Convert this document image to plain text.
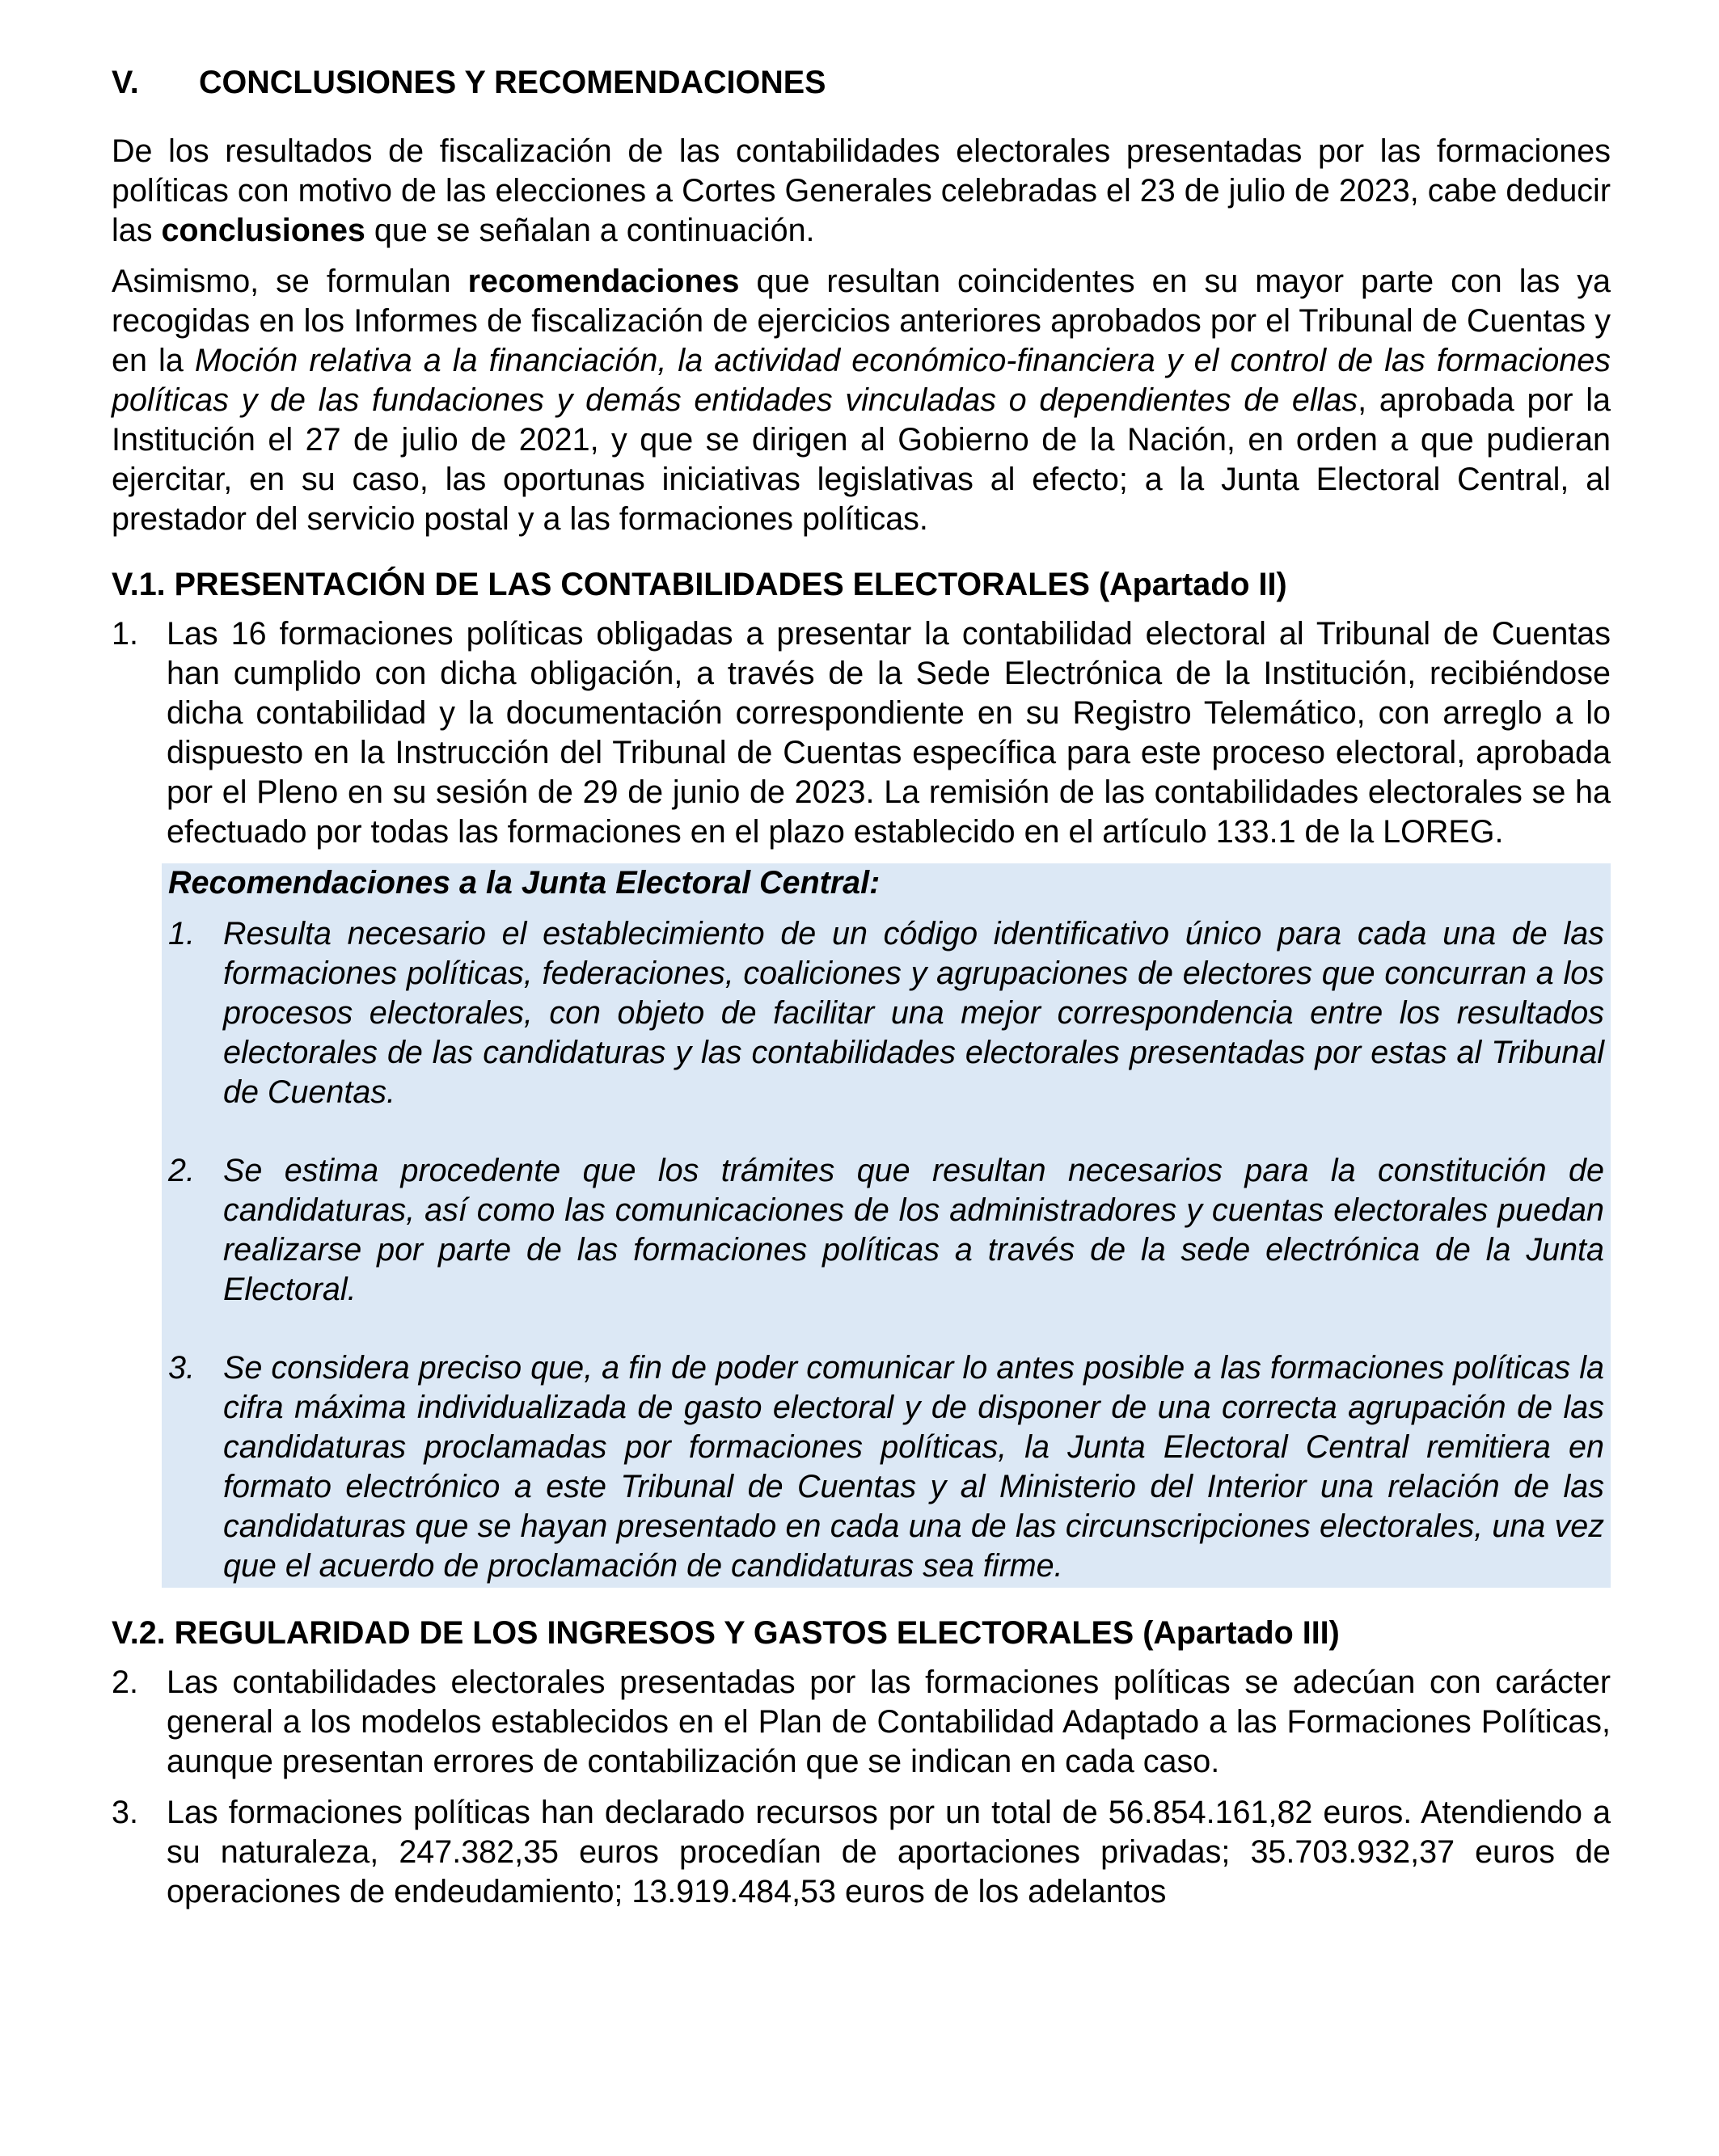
V.	CONCLUSIONES Y RECOMENDACIONES

De los resultados de fiscalización de las contabilidades electorales presentadas por las formaciones políticas con motivo de las elecciones a Cortes Generales celebradas el 23 de julio de 2023, cabe deducir las conclusiones que se señalan a continuación.

Asimismo, se formulan recomendaciones que resultan coincidentes en su mayor parte con las ya recogidas en los Informes de fiscalización de ejercicios anteriores aprobados por el Tribunal de Cuentas y en la Moción relativa a la financiación, la actividad económico-financiera y el control de las formaciones políticas y de las fundaciones y demás entidades vinculadas o dependientes de ellas, aprobada por la Institución el 27 de julio de 2021, y que se dirigen al Gobierno de la Nación, en orden a que pudieran ejercitar, en su caso, las oportunas iniciativas legislativas al efecto; a la Junta Electoral Central, al prestador del servicio postal y a las formaciones políticas.

V.1. PRESENTACIÓN DE LAS CONTABILIDADES ELECTORALES (Apartado II)
1. Las 16 formaciones políticas obligadas a presentar la contabilidad electoral al Tribunal de Cuentas han cumplido con dicha obligación, a través de la Sede Electrónica de la Institución, recibiéndose dicha contabilidad y la documentación correspondiente en su Registro Telemático, con arreglo a lo dispuesto en la Instrucción del Tribunal de Cuentas específica para este proceso electoral, aprobada por el Pleno en su sesión de 29 de junio de 2023. La remisión de las contabilidades electorales se ha efectuado por todas las formaciones en el plazo establecido en el artículo 133.1 de la LOREG.
Recomendaciones a la Junta Electoral Central:
1. Resulta necesario el establecimiento de un código identificativo único para cada una de las formaciones políticas, federaciones, coaliciones y agrupaciones de electores que concurran a los procesos electorales, con objeto de facilitar una mejor correspondencia entre los resultados electorales de las candidaturas y las contabilidades electorales presentadas por estas al Tribunal de Cuentas.
2. Se estima procedente que los trámites que resultan necesarios para la constitución de candidaturas, así como las comunicaciones de los administradores y cuentas electorales puedan realizarse por parte de las formaciones políticas a través de la sede electrónica de la Junta Electoral.
3. Se considera preciso que, a fin de poder comunicar lo antes posible a las formaciones políticas la cifra máxima individualizada de gasto electoral y de disponer de una correcta agrupación de las candidaturas proclamadas por formaciones políticas, la Junta Electoral Central remitiera en formato electrónico a este Tribunal de Cuentas y al Ministerio del Interior una relación de las candidaturas que se hayan presentado en cada una de las circunscripciones electorales, una vez que el acuerdo de proclamación de candidaturas sea firme.
V.2. REGULARIDAD DE LOS INGRESOS Y GASTOS ELECTORALES (Apartado III)
2. Las contabilidades electorales presentadas por las formaciones políticas se adecúan con carácter general a los modelos establecidos en el Plan de Contabilidad Adaptado a las Formaciones Políticas, aunque presentan errores de contabilización que se indican en cada caso.
3. Las formaciones políticas han declarado recursos por un total de 56.854.161,82 euros. Atendiendo a su naturaleza, 247.382,35 euros procedían de aportaciones privadas; 35.703.932,37 euros de operaciones de endeudamiento; 13.919.484,53 euros de los adelantos
